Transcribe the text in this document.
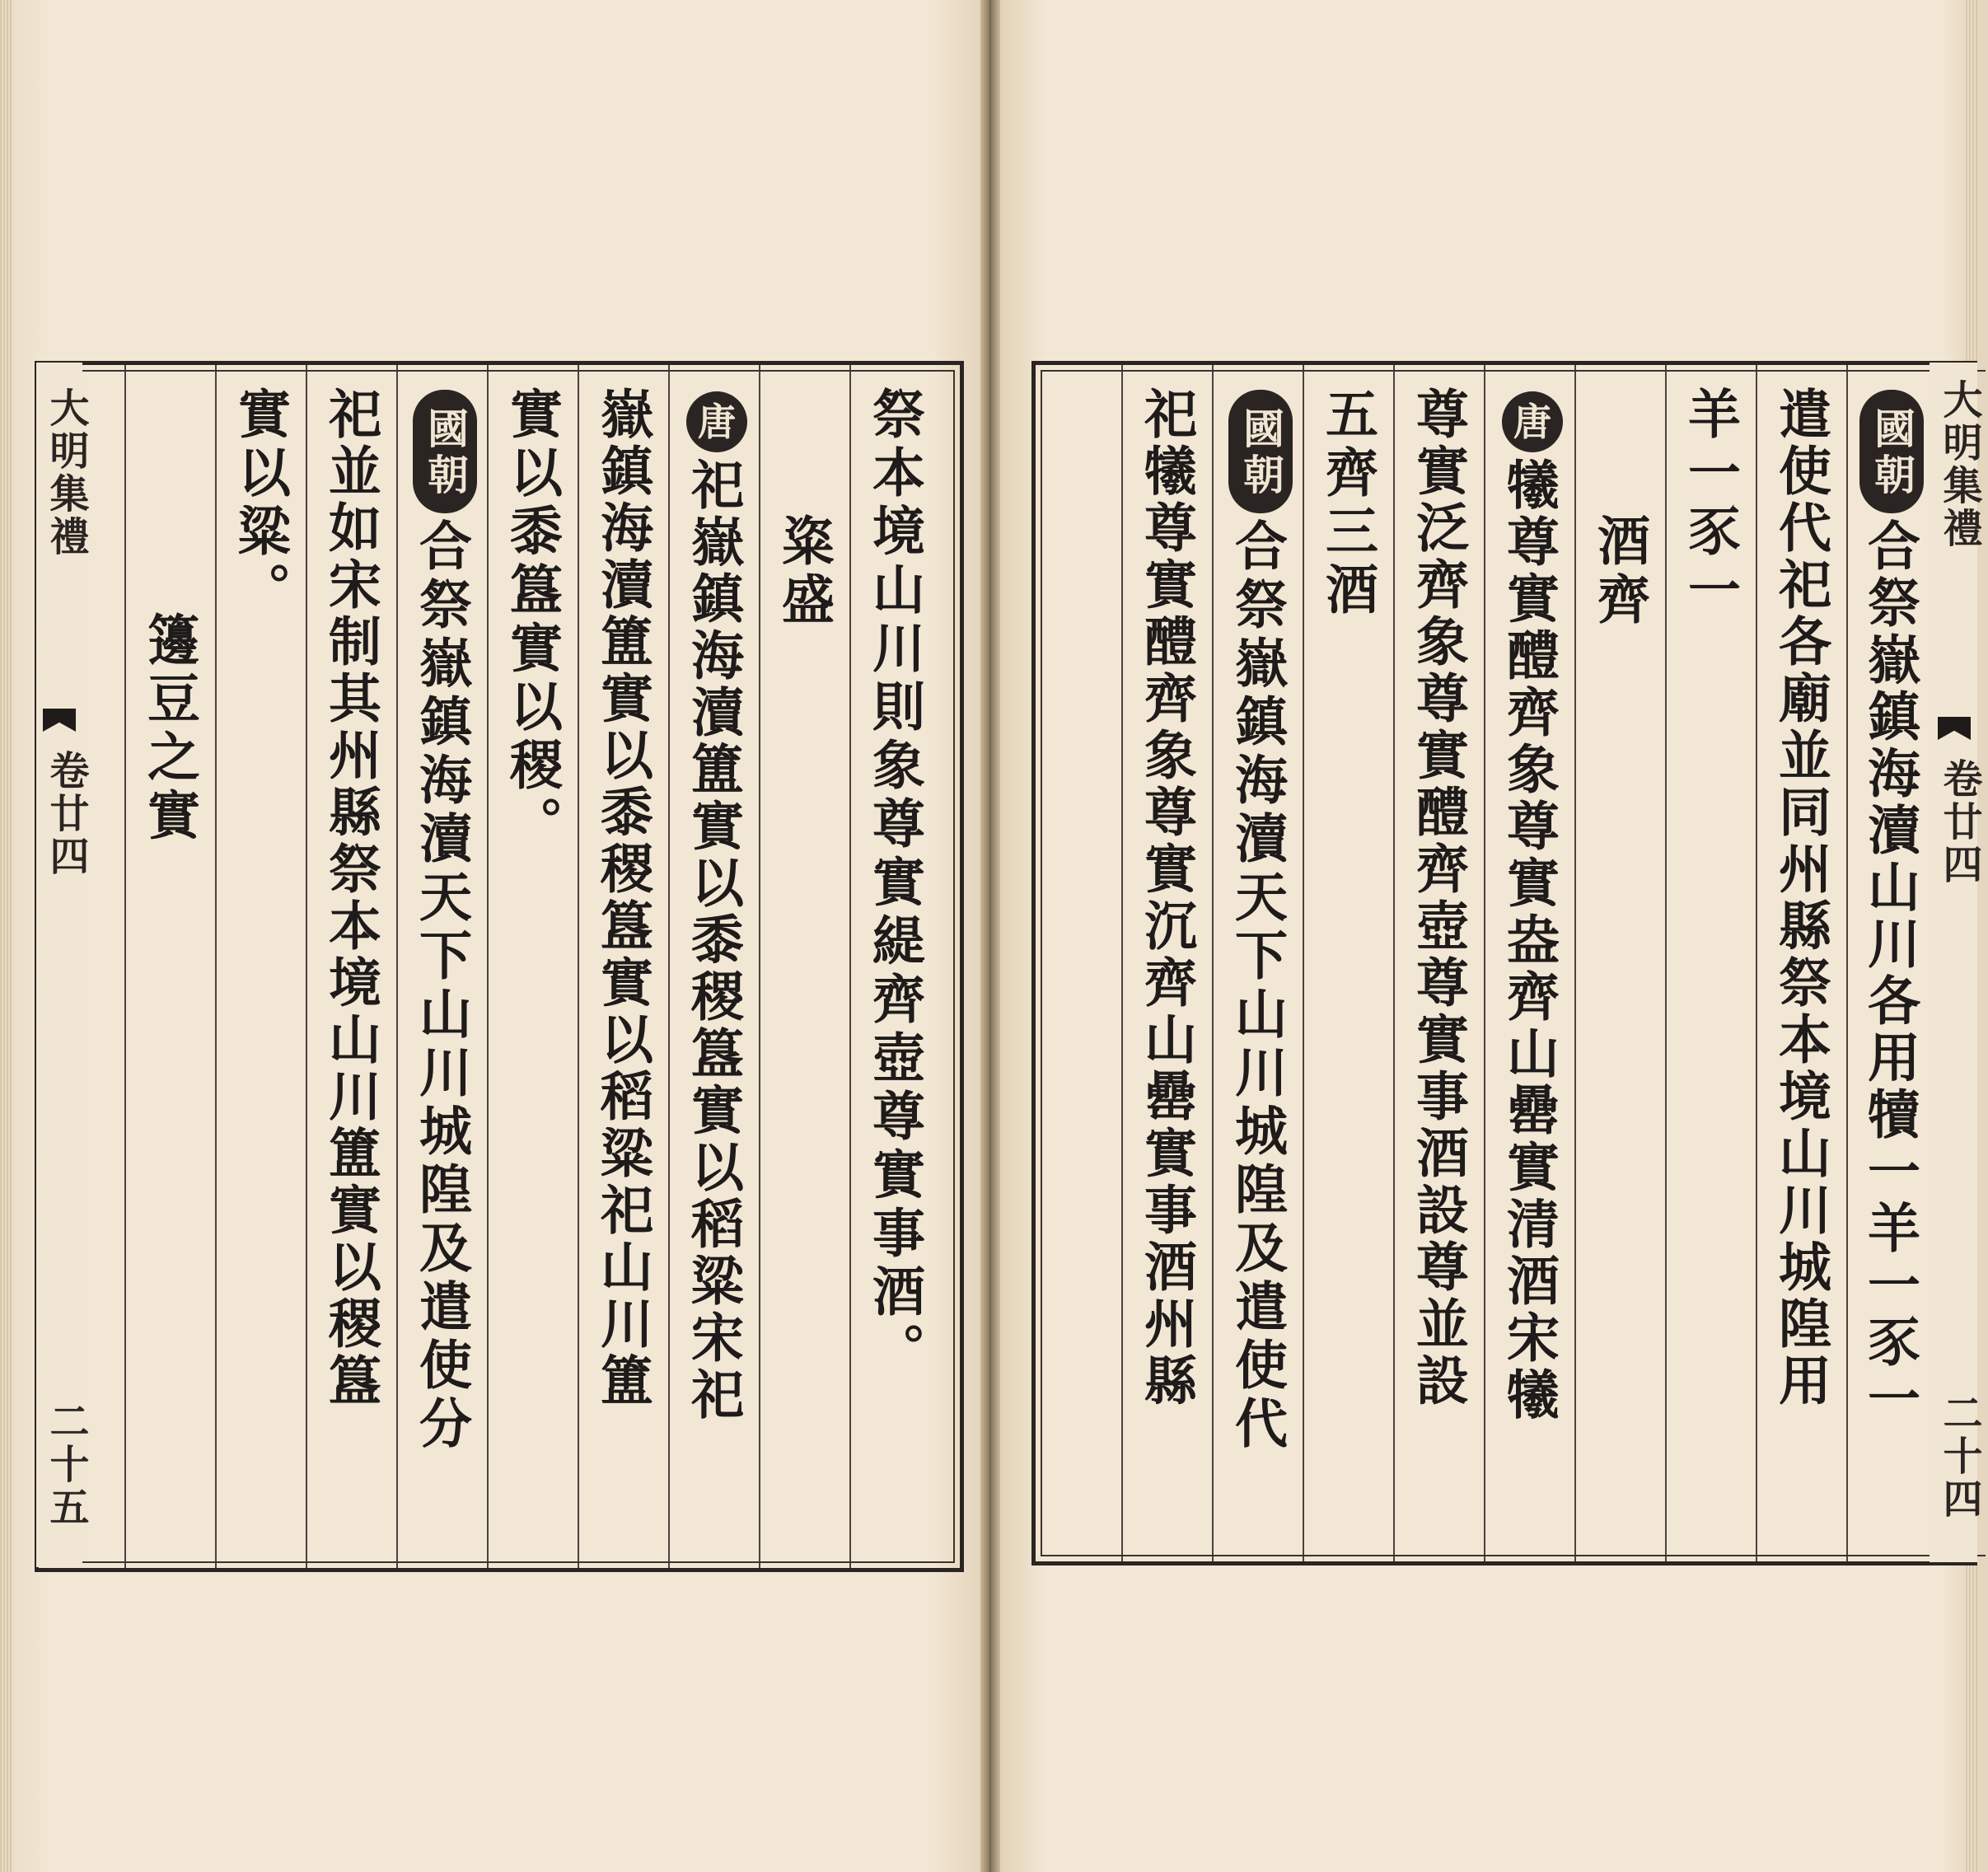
祭本境山川則象尊實緹齊壺尊實事酒。
粢盛
唐
祀嶽鎮海瀆簠實以黍稷簋實以稻粱宋祀
嶽鎮海瀆簠實以黍稷簋實以稻粱祀山川簠
實以黍簋實以稷。
國朝
合祭嶽鎮海瀆天下山川城隍及遣使分
祀並如宋制其州縣祭本境山川簠實以稷簋
實以粱。
籩豆之實
大明集禮
卷廿四
二十五
國朝
合祭嶽鎮海瀆山川各用犢一羊一豕一
遣使代祀各廟並同州縣祭本境山川城隍用
羊一豕一
酒齊
唐
犧尊實醴齊象尊實盎齊山罍實清酒宋犧
尊實泛齊象尊實醴齊壺尊實事酒設尊並設
五齊三酒
國朝
合祭嶽鎮海瀆天下山川城隍及遣使代
祀犧尊實醴齊象尊實沉齊山罍實事酒州縣	大明集禮
卷廿四
二十四
